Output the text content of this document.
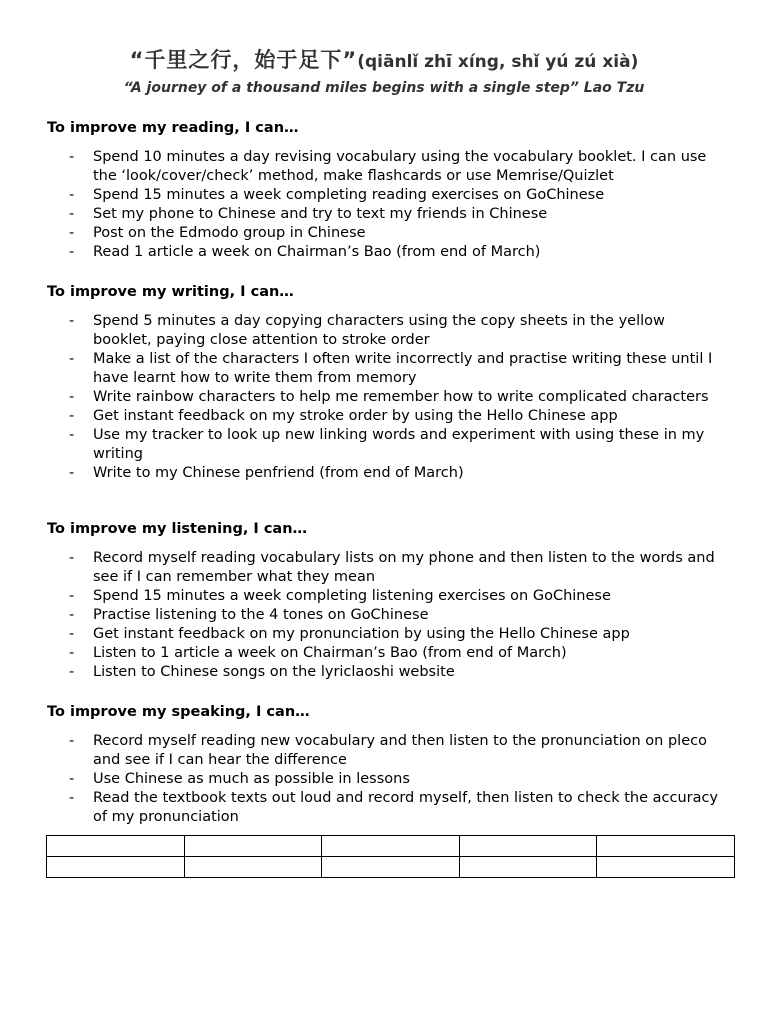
“千里之行，始于足下”(qiānlǐ zhī xíng, shǐ yú zú xià)
“A journey of a thousand miles begins with a single step” Lao Tzu
To improve my reading, I can…
- Spend 10 minutes a day revising vocabulary using the vocabulary booklet. I can use the ‘look/cover/check’ method, make flashcards or use Memrise/Quizlet
- Spend 15 minutes a week completing reading exercises on GoChinese
- Set my phone to Chinese and try to text my friends in Chinese
- Post on the Edmodo group in Chinese
- Read 1 article a week on Chairman’s Bao (from end of March)
To improve my writing, I can…
- Spend 5 minutes a day copying characters using the copy sheets in the yellow booklet, paying close attention to stroke order
- Make a list of the characters I often write incorrectly and practise writing these until I have learnt how to write them from memory
- Write rainbow characters to help me remember how to write complicated characters
- Get instant feedback on my stroke order by using the Hello Chinese app
- Use my tracker to look up new linking words and experiment with using these in my writing
- Write to my Chinese penfriend (from end of March)
To improve my listening, I can…
- Record myself reading vocabulary lists on my phone and then listen to the words and see if I can remember what they mean
- Spend 15 minutes a week completing listening exercises on GoChinese
- Practise listening to the 4 tones on GoChinese
- Get instant feedback on my pronunciation by using the Hello Chinese app
- Listen to 1 article a week on Chairman’s Bao (from end of March)
- Listen to Chinese songs on the lyriclaoshi website
To improve my speaking, I can…
- Record myself reading new vocabulary and then listen to the pronunciation on pleco and see if I can hear the difference
- Use Chinese as much as possible in lessons
- Read the textbook texts out loud and record myself, then listen to check the accuracy of my pronunciation
